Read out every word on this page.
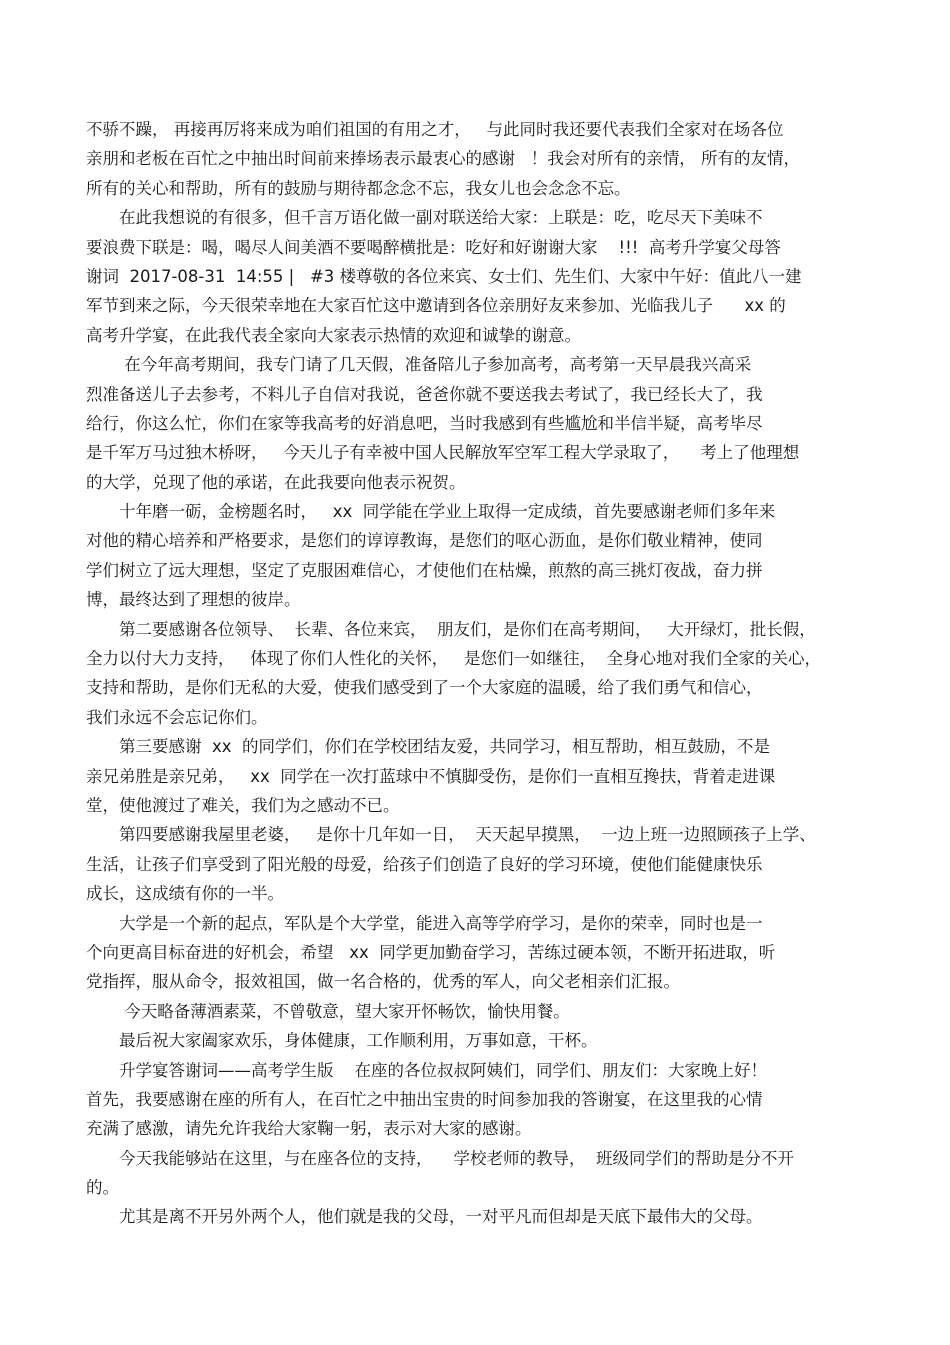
不骄不躁， 再接再厉将来成为咱们祖国的有用之才，   与此同时我还要代表我们全家对在场各位
亲朋和老板在百忙之中抽出时间前来捧场表示最衷心的感谢   ！我会对所有的亲情， 所有的友情，
所有的关心和帮助，所有的鼓励与期待都念念不忘，我女儿也会念念不忘。
　　在此我想说的有很多，但千言万语化做一副对联送给大家：上联是：吃，吃尽天下美味不
要浪费下联是：喝，喝尽人间美酒不要喝醉横批是：吃好和好谢谢大家    !!!  高考升学宴父母答
谢词  2017-08-31  14:55 |   #3 楼尊敬的各位来宾、女士们、先生们、大家中午好：值此八一建
军节到来之际，今天很荣幸地在大家百忙这中邀请到各位亲朋好友来参加、光临我儿子      xx 的
高考升学宴，在此我代表全家向大家表示热情的欢迎和诚挚的谢意。
　　 在今年高考期间，我专门请了几天假，准备陪儿子参加高考，高考第一天早晨我兴高采
烈准备送儿子去参考，不料儿子自信对我说，爸爸你就不要送我去考试了，我已经长大了，我
给行，你这么忙，你们在家等我高考的好消息吧，当时我感到有些尴尬和半信半疑，高考毕尽
是千军万马过独木桥呀，   今天儿子有幸被中国人民解放军空军工程大学录取了，    考上了他理想
的大学，兑现了他的承诺，在此我要向他表示祝贺。
　　十年磨一砺，金榜题名时，   xx  同学能在学业上取得一定成绩，首先要感谢老师们多年来
对他的精心培养和严格要求，是您们的谆谆教诲，是您们的呕心沥血，是你们敬业精神，使同
学们树立了远大理想，坚定了克服困难信心，才使他们在枯燥，煎熬的高三挑灯夜战，奋力拼
博，最终达到了理想的彼岸。
　　第二要感谢各位领导、  长辈、各位来宾，  朋友们，是你们在高考期间，   大开绿灯，批长假，
全力以付大力支持，   体现了你们人性化的关怀，   是您们一如继往，  全身心地对我们全家的关心，
支持和帮助，是你们无私的大爱，使我们感受到了一个大家庭的温暖，给了我们勇气和信心，
我们永远不会忘记你们。
　　第三要感谢  xx  的同学们，你们在学校团结友爱，共同学习，相互帮助，相互鼓励，不是
亲兄弟胜是亲兄弟，   xx  同学在一次打蓝球中不慎脚受伤，是你们一直相互搀扶，背着走进课
堂，使他渡过了难关，我们为之感动不已。
　　第四要感谢我屋里老婆，   是你十几年如一日，  天天起早摸黑，  一边上班一边照顾孩子上学、
生活，让孩子们享受到了阳光般的母爱，给孩子们创造了良好的学习环境，使他们能健康快乐
成长，这成绩有你的一半。
　　大学是一个新的起点，军队是个大学堂，能进入高等学府学习，是你的荣幸，同时也是一
个向更高目标奋进的好机会，希望   xx  同学更加勤奋学习，苦练过硬本领，不断开拓进取，听
党指挥，服从命令，报效祖国，做一名合格的，优秀的军人，向父老相亲们汇报。
　　 今天略备薄酒素菜，不曾敬意，望大家开怀畅饮，愉快用餐。
　　最后祝大家阖家欢乐，身体健康，工作顺利用，万事如意，干杯。
　　升学宴答谢词——高考学生版    在座的各位叔叔阿姨们，同学们、朋友们：大家晚上好！
首先，我要感谢在座的所有人，在百忙之中抽出宝贵的时间参加我的答谢宴，在这里我的心情
充满了感激，请先允许我给大家鞠一躬，表示对大家的感谢。
　　今天我能够站在这里，与在座各位的支持，    学校老师的教导，  班级同学们的帮助是分不开
的。
　　尤其是离不开另外两个人，他们就是我的父母，一对平凡而但却是天底下最伟大的父母。
